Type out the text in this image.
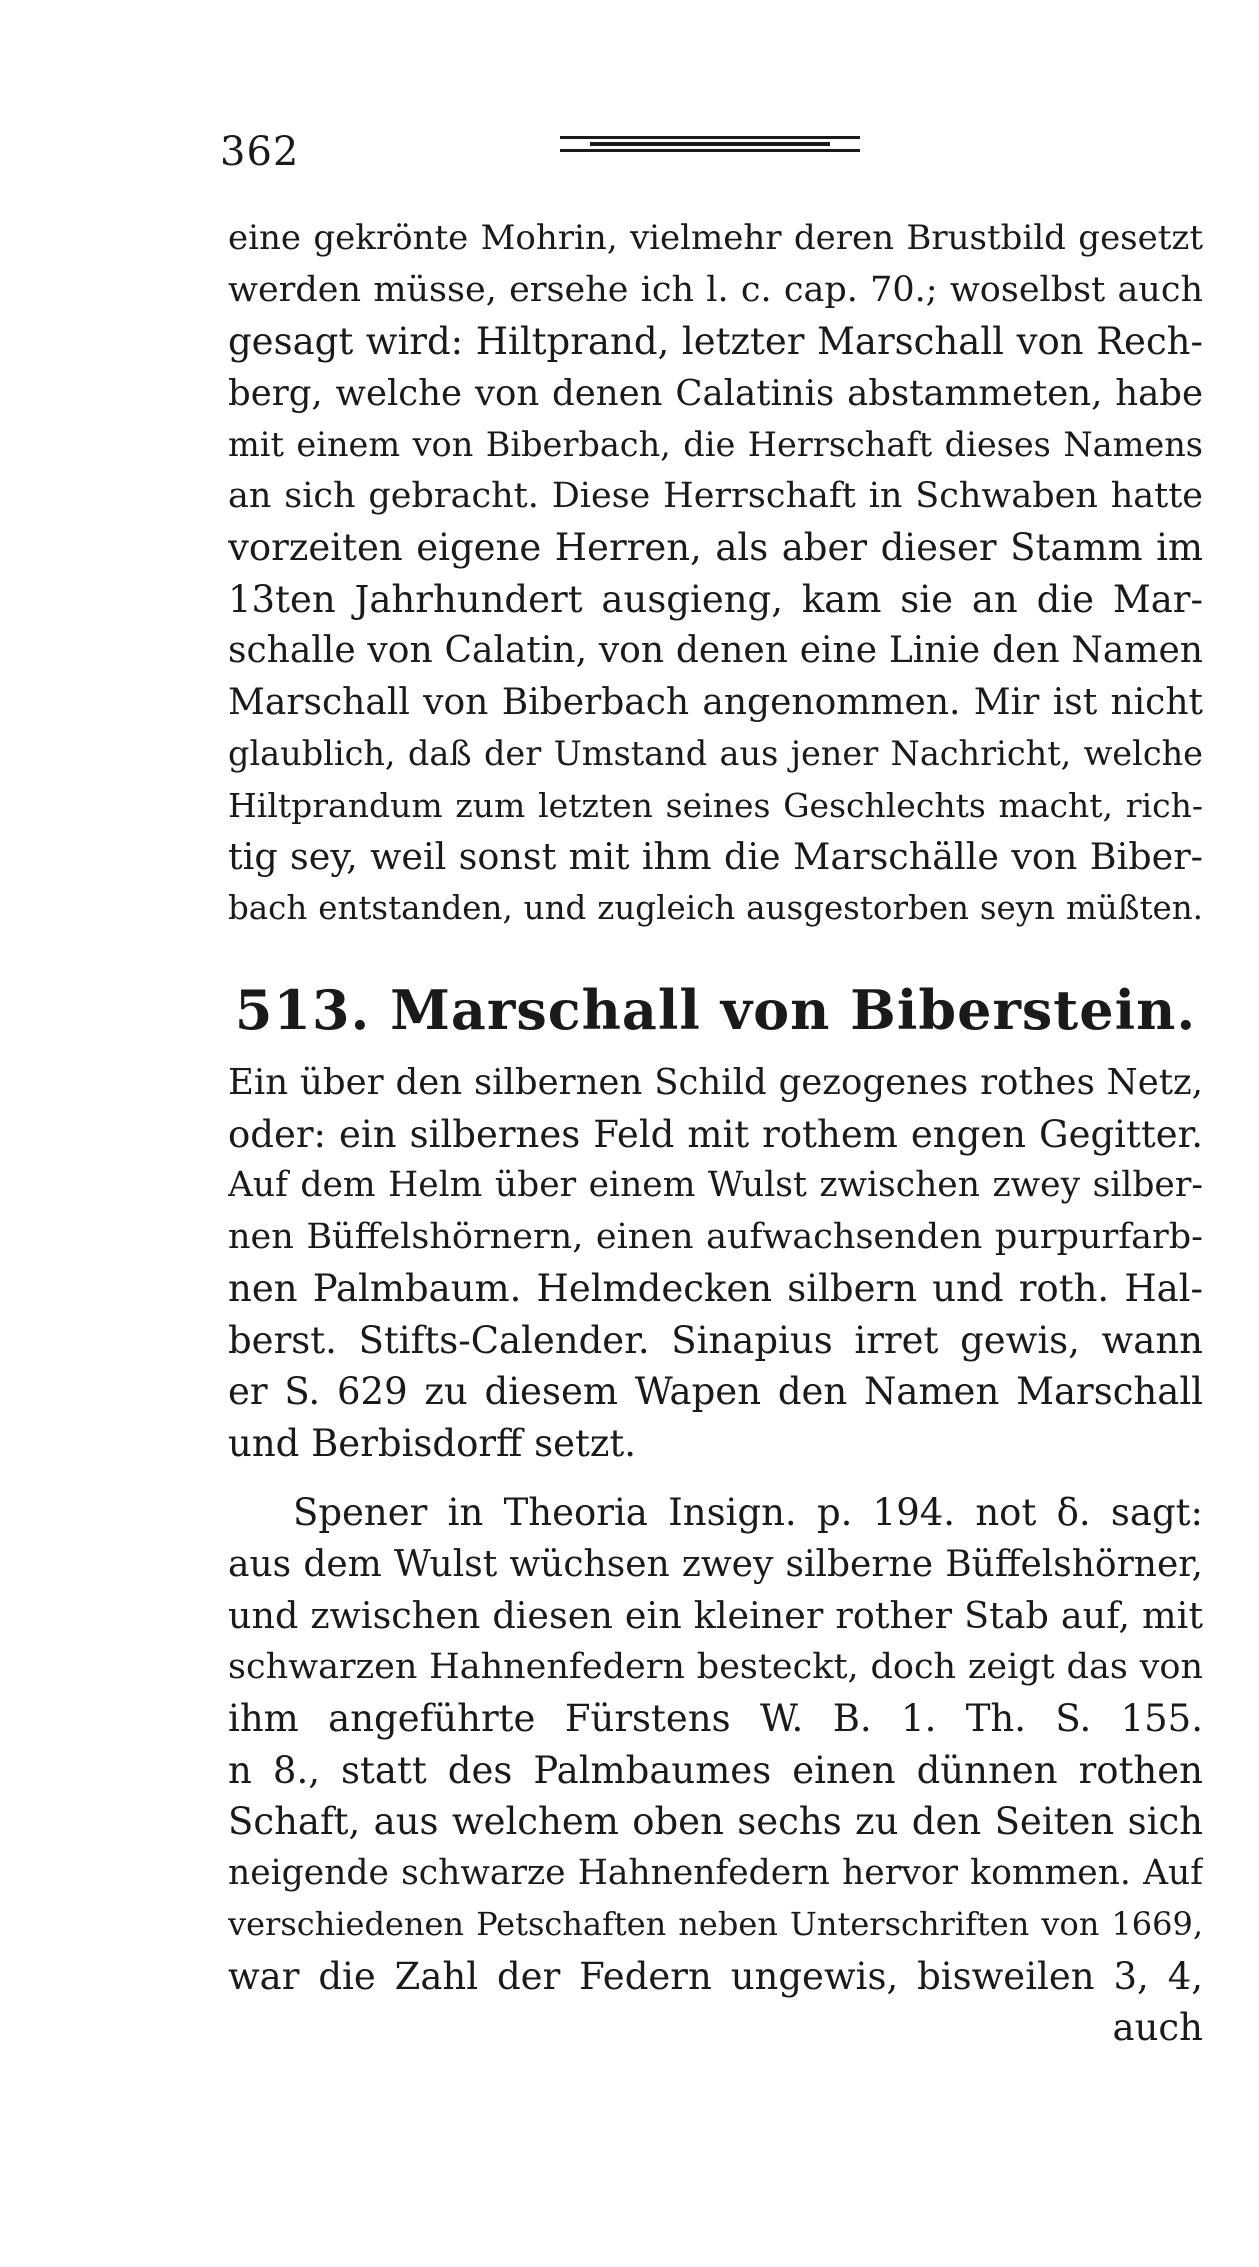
362
eine gekrönte Mohrin, vielmehr deren Brustbild gesetzt
werden müsse, ersehe ich l. c. cap. 70.; woselbst auch
gesagt wird: Hiltprand, letzter Marschall von Rech-
berg, welche von denen Calatinis abstammeten, habe
mit einem von Biberbach, die Herrschaft dieses Namens
an sich gebracht. Diese Herrschaft in Schwaben hatte
vorzeiten eigene Herren, als aber dieser Stamm im
13ten Jahrhundert ausgieng, kam sie an die Mar-
schalle von Calatin, von denen eine Linie den Namen
Marschall von Biberbach angenommen. Mir ist nicht
glaublich, daß der Umstand aus jener Nachricht, welche
Hiltprandum zum letzten seines Geschlechts macht, rich-
tig sey, weil sonst mit ihm die Marschälle von Biber-
bach entstanden, und zugleich ausgestorben seyn müßten.
513. Marschall von Biberstein.
Ein über den silbernen Schild gezogenes rothes Netz,
oder: ein silbernes Feld mit rothem engen Gegitter.
Auf dem Helm über einem Wulst zwischen zwey silber-
nen Büffelshörnern, einen aufwachsenden purpurfarb-
nen Palmbaum. Helmdecken silbern und roth. Hal-
berst. Stifts-Calender. Sinapius irret gewis, wann
er S. 629 zu diesem Wapen den Namen Marschall
und Berbisdorff setzt.
Spener in Theoria Insign. p. 194. not δ. sagt:
aus dem Wulst wüchsen zwey silberne Büffelshörner,
und zwischen diesen ein kleiner rother Stab auf, mit
schwarzen Hahnenfedern besteckt, doch zeigt das von
ihm angeführte Fürstens W. B. 1. Th. S. 155.
n 8., statt des Palmbaumes einen dünnen rothen
Schaft, aus welchem oben sechs zu den Seiten sich
neigende schwarze Hahnenfedern hervor kommen. Auf
verschiedenen Petschaften neben Unterschriften von 1669,
war die Zahl der Federn ungewis, bisweilen 3, 4,
auch
